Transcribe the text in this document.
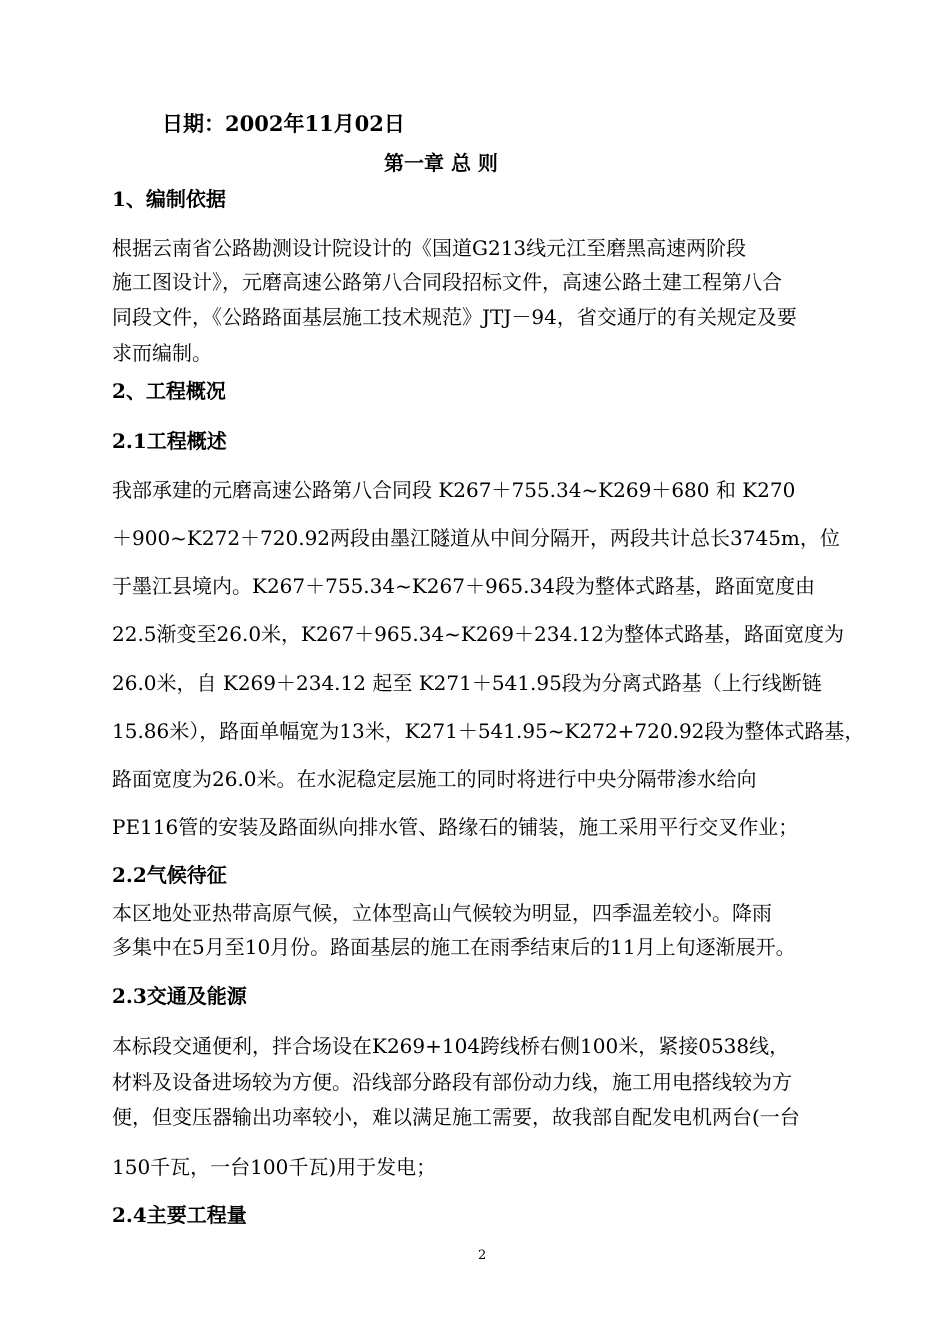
日期：2002年11月02日
第一章 总 则
1、编制依据
根据云南省公路勘测设计院设计的《国道G213线元江至磨黑高速两阶段
施工图设计》，元磨高速公路第八合同段招标文件，高速公路土建工程第八合
同段文件，《公路路面基层施工技术规范》JTJ－94，省交通厅的有关规定及要
求而编制。
2、工程概况
2.1工程概述
我部承建的元磨高速公路第八合同段 K267＋755.34~K269＋680 和 K270
＋900~K272＋720.92两段由墨江隧道从中间分隔开，两段共计总长3745m，位
于墨江县境内。K267＋755.34~K267＋965.34段为整体式路基，路面宽度由
22.5渐变至26.0米，K267＋965.34~K269＋234.12为整体式路基，路面宽度为
26.0米，自 K269＋234.12 起至 K271＋541.95段为分离式路基（上行线断链
15.86米），路面单幅宽为13米，K271＋541.95~K272+720.92段为整体式路基，
路面宽度为26.0米。在水泥稳定层施工的同时将进行中央分隔带渗水给向
PE116管的安装及路面纵向排水管、路缘石的铺装，施工采用平行交叉作业；
2.2气候待征
本区地处亚热带高原气候，立体型高山气候较为明显，四季温差较小。降雨
多集中在5月至10月份。路面基层的施工在雨季结束后的11月上旬逐渐展开。
2.3交通及能源
本标段交通便利，拌合场设在K269+104跨线桥右侧100米，紧接0538线，
材料及设备进场较为方便。沿线部分路段有部份动力线，施工用电搭线较为方
便，但变压器输出功率较小，难以满足施工需要，故我部自配发电机两台(一台
150千瓦，一台100千瓦)用于发电；
2.4主要工程量
2
